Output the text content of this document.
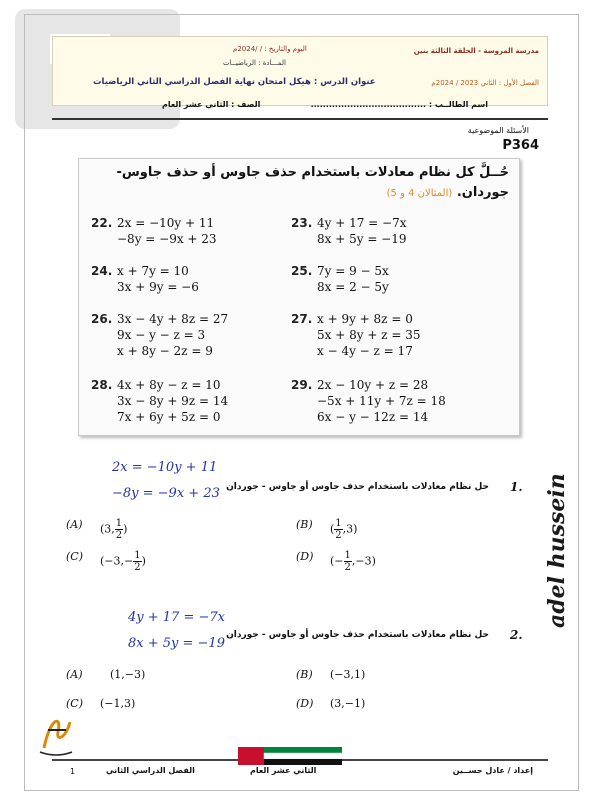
مدرسة المروسة - الحلقة الثالثة بنين
اليوم والتاريخ : / /2024م
المـــادة : الرياضيــات
عنوان الدرس : هيكل امتحان نهاية الفصل الدراسي الثاني الرياضيات	الفصل الأول : الثاني 2023 / 2024م
اسم الطالــب : ......................................
الصف : الثاني عشر العام
الأسئلة الموضوعية
P364
حُــلَّ كل نظام معادلات باستخدام حذف جاوس أو حذف جاوس-جوردان. (المثالان 4 و 5)
22. 2x = −10y + 11
−8y = −9x + 23
23. 4y + 17 = −7x
8x + 5y = −19
24. x + 7y = 10
3x + 9y = −6
25. 7y = 9 − 5x
8x = 2 − 5y
26. 3x − 4y + 8z = 27
9x − y − z = 3
x + 8y − 2z = 9
27. x + 9y + 8z = 0
5x + 8y + z = 35
x − 4y − z = 17
28. 4x + 8y − z = 10
3x − 8y + 9z = 14
7x + 6y + 5z = 0
29. 2x − 10y + z = 28
−5x + 11y + 7z = 18
6x − y − 12z = 14
2x = −10y + 11
−8y = −9x + 23 حل نظام معادلات باستخدام حذف جاوس أو جاوس - جوردان 1.
(A) (3, $\frac{1}{2}$ )	(B) ( $\frac{1}{2} ,3$)
(C) ($-3,- \frac{1}{2}$ )	(D) (− $\frac{1}{2} ,-3$)	adel hussein
4y + 17 = −7x
8x + 5y = −19
حل نظام معادلات باستخدام حذف جاوس أو جاوس - جوردان 2.
(A) (1,−3)	(B) (−3,1)
(C) (−1,3)	(D) (3,−1)
إعداد / عادل حســين
الثاني عشر العام
الفصل الدراسي الثاني
1
